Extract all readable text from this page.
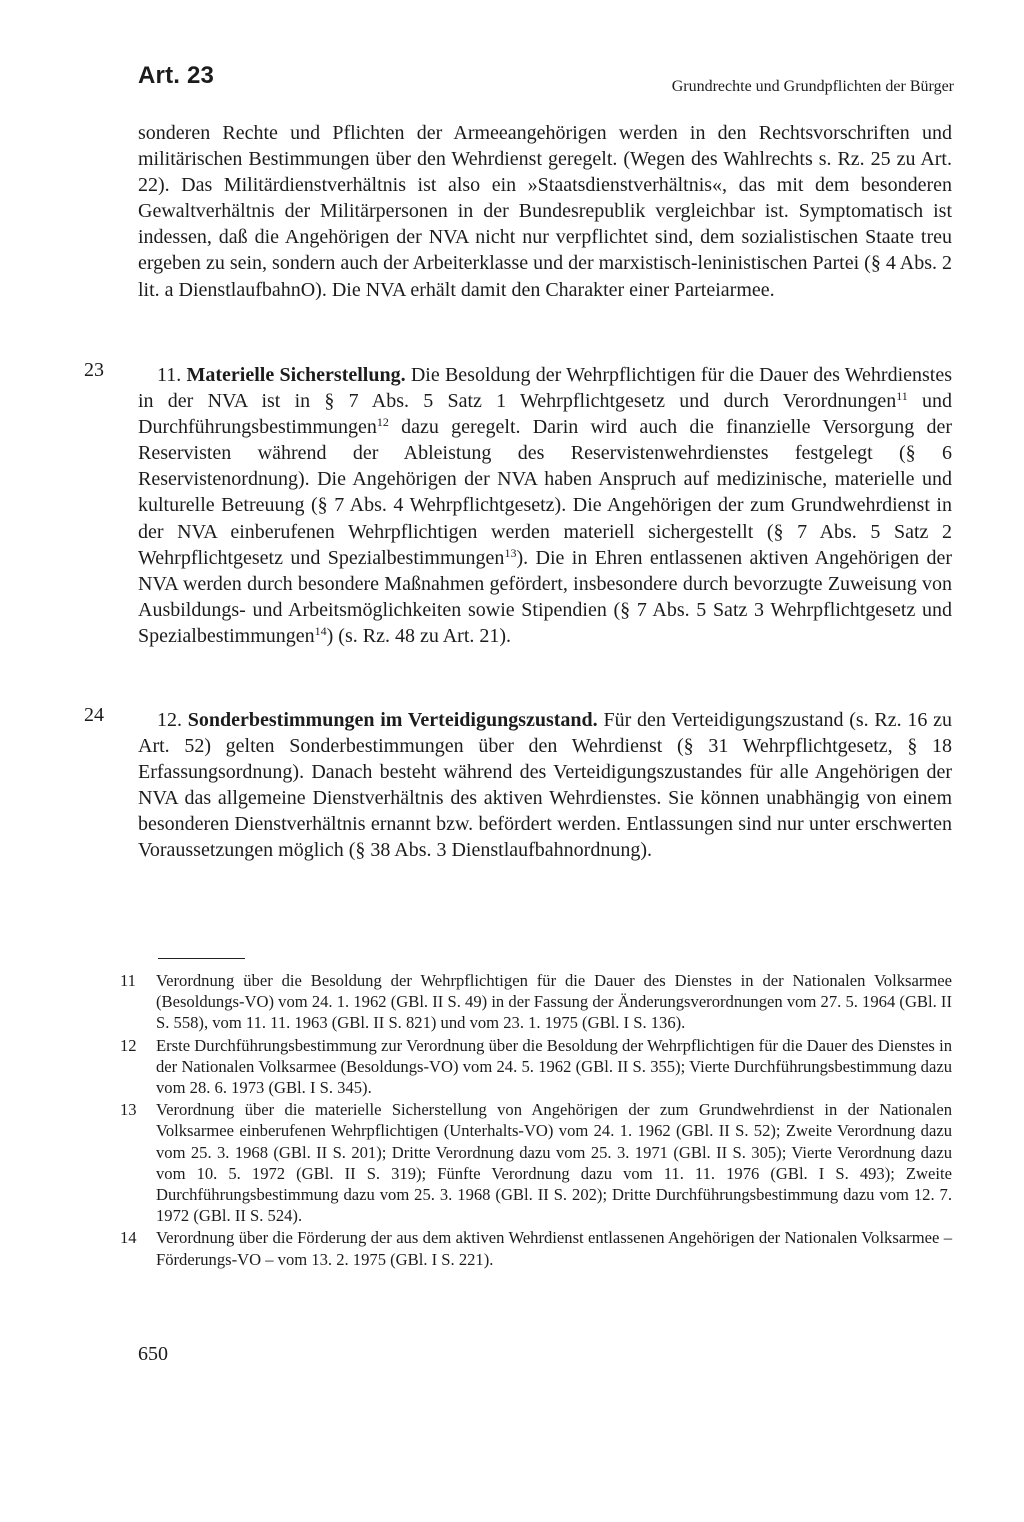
Art. 23	Grundrechte und Grundpflichten der Bürger

sonderen Rechte und Pflichten der Armeeangehörigen werden in den Rechtsvorschriften und militärischen Bestimmungen über den Wehrdienst geregelt. (Wegen des Wahlrechts s. Rz. 25 zu Art. 22). Das Militärdienstverhältnis ist also ein »Staatsdienstverhältnis«, das mit dem besonderen Gewaltverhältnis der Militärpersonen in der Bundesrepublik vergleichbar ist. Symptomatisch ist indessen, daß die Angehörigen der NVA nicht nur verpflichtet sind, dem sozialistischen Staate treu ergeben zu sein, sondern auch der Arbeiterklasse und der marxistisch-leninistischen Partei (§ 4 Abs. 2 lit. a DienstlaufbahnO). Die NVA erhält damit den Charakter einer Parteiarmee.

23	11. Materielle Sicherstellung. Die Besoldung der Wehrpflichtigen für die Dauer des Wehrdienstes in der NVA ist in § 7 Abs. 5 Satz 1 Wehrpflichtgesetz und durch Verordnungen$^{11}$ und Durchführungsbestimmungen$^{12}$ dazu geregelt. Darin wird auch die finanzielle Versorgung der Reservisten während der Ableistung des Reservistenwehrdienstes festgelegt (§ 6 Reservistenordnung). Die Angehörigen der NVA haben Anspruch auf medizinische, materielle und kulturelle Betreuung (§ 7 Abs. 4 Wehrpflichtgesetz). Die Angehörigen der zum Grundwehrdienst in der NVA einberufenen Wehrpflichtigen werden materiell sichergestellt (§ 7 Abs. 5 Satz 2 Wehrpflichtgesetz und Spezialbestimmungen$^{13}$). Die in Ehren entlassenen aktiven Angehörigen der NVA werden durch besondere Maßnahmen gefördert, insbesondere durch bevorzugte Zuweisung von Ausbildungs- und Arbeitsmöglichkeiten sowie Stipendien (§ 7 Abs. 5 Satz 3 Wehrpflichtgesetz und Spezialbestimmungen$^{14}$) (s. Rz. 48 zu Art. 21).

24	12. Sonderbestimmungen im Verteidigungszustand. Für den Verteidigungszustand (s. Rz. 16 zu Art. 52) gelten Sonderbestimmungen über den Wehrdienst (§ 31 Wehrpflichtgesetz, § 18 Erfassungsordnung). Danach besteht während des Verteidigungszustandes für alle Angehörigen der NVA das allgemeine Dienstverhältnis des aktiven Wehrdienstes. Sie können unabhängig von einem besonderen Dienstverhältnis ernannt bzw. befördert werden. Entlassungen sind nur unter erschwerten Voraussetzungen möglich (§ 38 Abs. 3 Dienstlaufbahnordnung).

11 Verordnung über die Besoldung der Wehrpflichtigen für die Dauer des Dienstes in der Nationalen Volksarmee (Besoldungs-VO) vom 24. 1. 1962 (GBl. II S. 49) in der Fassung der Änderungsverordnungen vom 27. 5. 1964 (GBl. II S. 558), vom 11. 11. 1963 (GBl. II S. 821) und vom 23. 1. 1975 (GBl. I S. 136).
12 Erste Durchführungsbestimmung zur Verordnung über die Besoldung der Wehrpflichtigen für die Dauer des Dienstes in der Nationalen Volksarmee (Besoldungs-VO) vom 24. 5. 1962 (GBl. II S. 355); Vierte Durchführungsbestimmung dazu vom 28. 6. 1973 (GBl. I S. 345).
13 Verordnung über die materielle Sicherstellung von Angehörigen der zum Grundwehrdienst in der Nationalen Volksarmee einberufenen Wehrpflichtigen (Unterhalts-VO) vom 24. 1. 1962 (GBl. II S. 52); Zweite Verordnung dazu vom 25. 3. 1968 (GBl. II S. 201); Dritte Verordnung dazu vom 25. 3. 1971 (GBl. II S. 305); Vierte Verordnung dazu vom 10. 5. 1972 (GBl. II S. 319); Fünfte Verordnung dazu vom 11. 11. 1976 (GBl. I S. 493); Zweite Durchführungsbestimmung dazu vom 25. 3. 1968 (GBl. II S. 202); Dritte Durchführungsbestimmung dazu vom 12. 7. 1972 (GBl. II S. 524).
14 Verordnung über die Förderung der aus dem aktiven Wehrdienst entlassenen Angehörigen der Nationalen Volksarmee – Förderungs-VO – vom 13. 2. 1975 (GBl. I S. 221).
650
